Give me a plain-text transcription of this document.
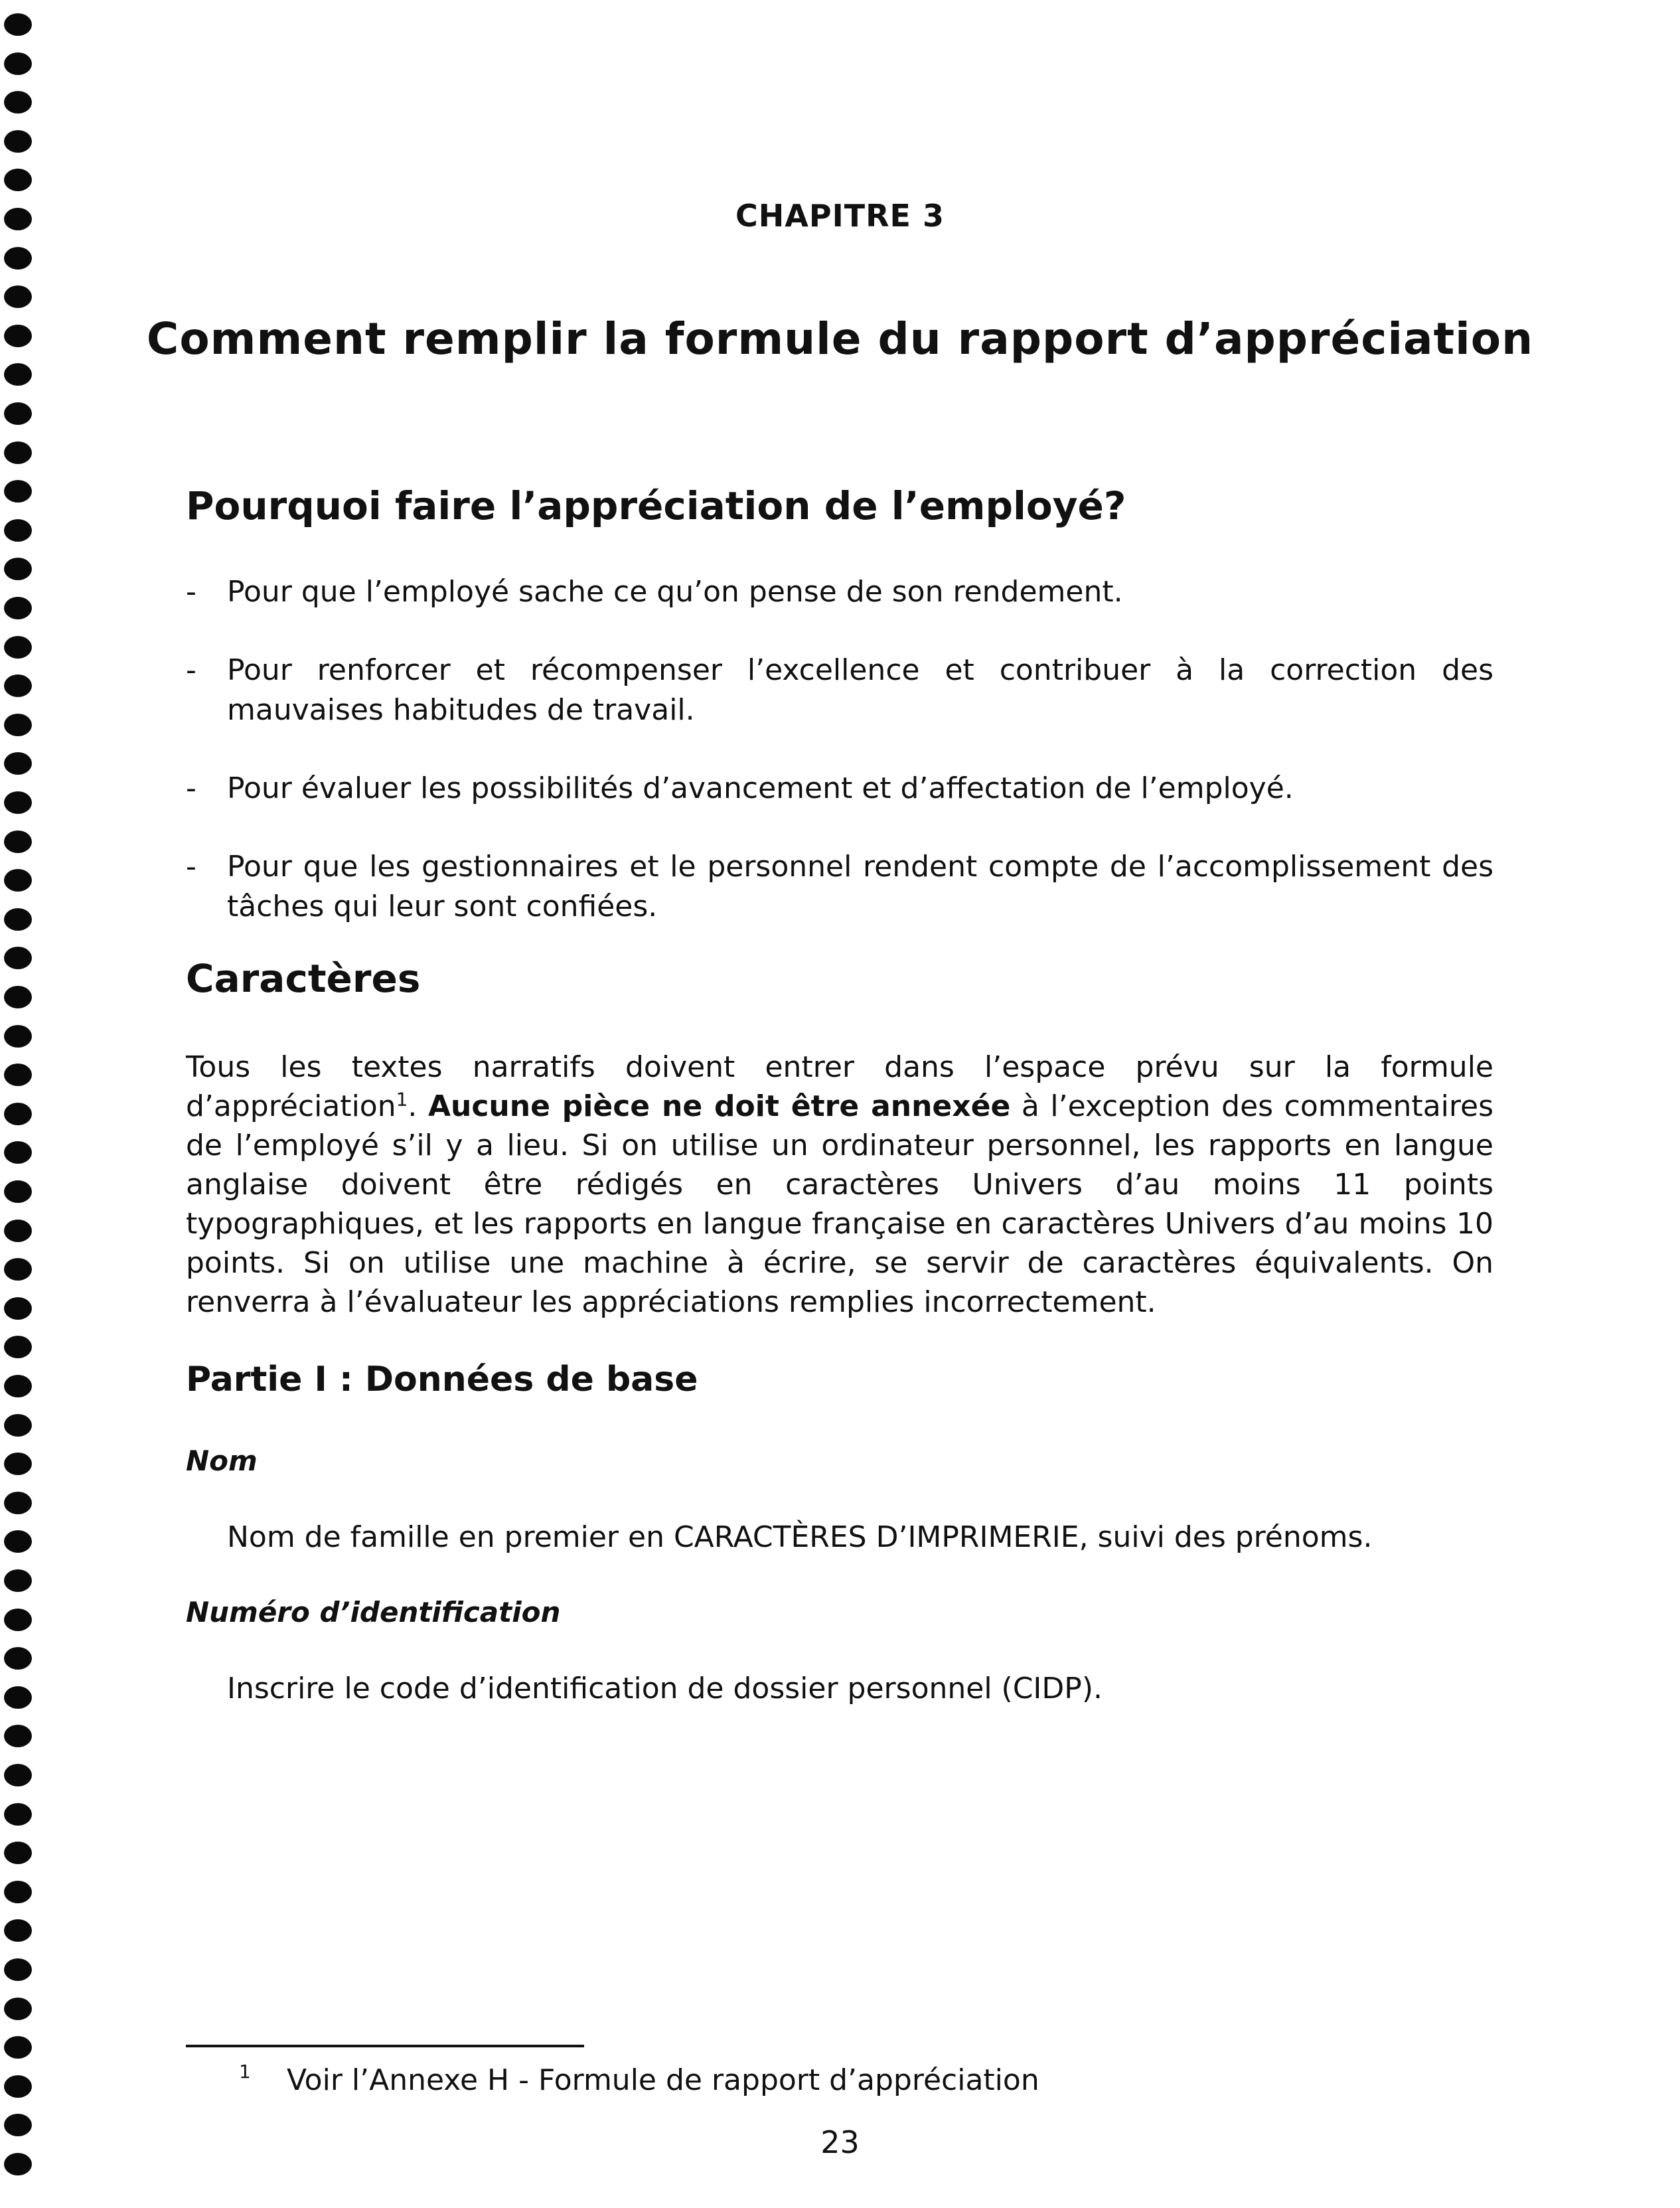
CHAPITRE 3
Comment remplir la formule du rapport d’appréciation
Pourquoi faire l’appréciation de l’employé?
-	Pour que l’employé sache ce qu’on pense de son rendement.
-	Pour renforcer et récompenser l’excellence et contribuer à la correction des mauvaises habitudes de travail.
-	Pour évaluer les possibilités d’avancement et d’affectation de l’employé.
-	Pour que les gestionnaires et le personnel rendent compte de l’accomplissement des tâches qui leur sont confiées.
Caractères
Tous les textes narratifs doivent entrer dans l’espace prévu sur la formule d’appréciation$^1$. Aucune pièce ne doit être annexée à l’exception des commentaires de l’employé s’il y a lieu. Si on utilise un ordinateur personnel, les rapports en langue anglaise doivent être rédigés en caractères Univers d’au moins 11 points typographiques, et les rapports en langue française en caractères Univers d’au moins 10 points. Si on utilise une machine à écrire, se servir de caractères équivalents. On renverra à l’évaluateur les appréciations remplies incorrectement.
Partie I : Données de base
Nom
Nom de famille en premier en CARACTÈRES D’IMPRIMERIE, suivi des prénoms.
Numéro d’identification
Inscrire le code d’identification de dossier personnel (CIDP).
1 Voir l’Annexe H - Formule de rapport d’appréciation
23
